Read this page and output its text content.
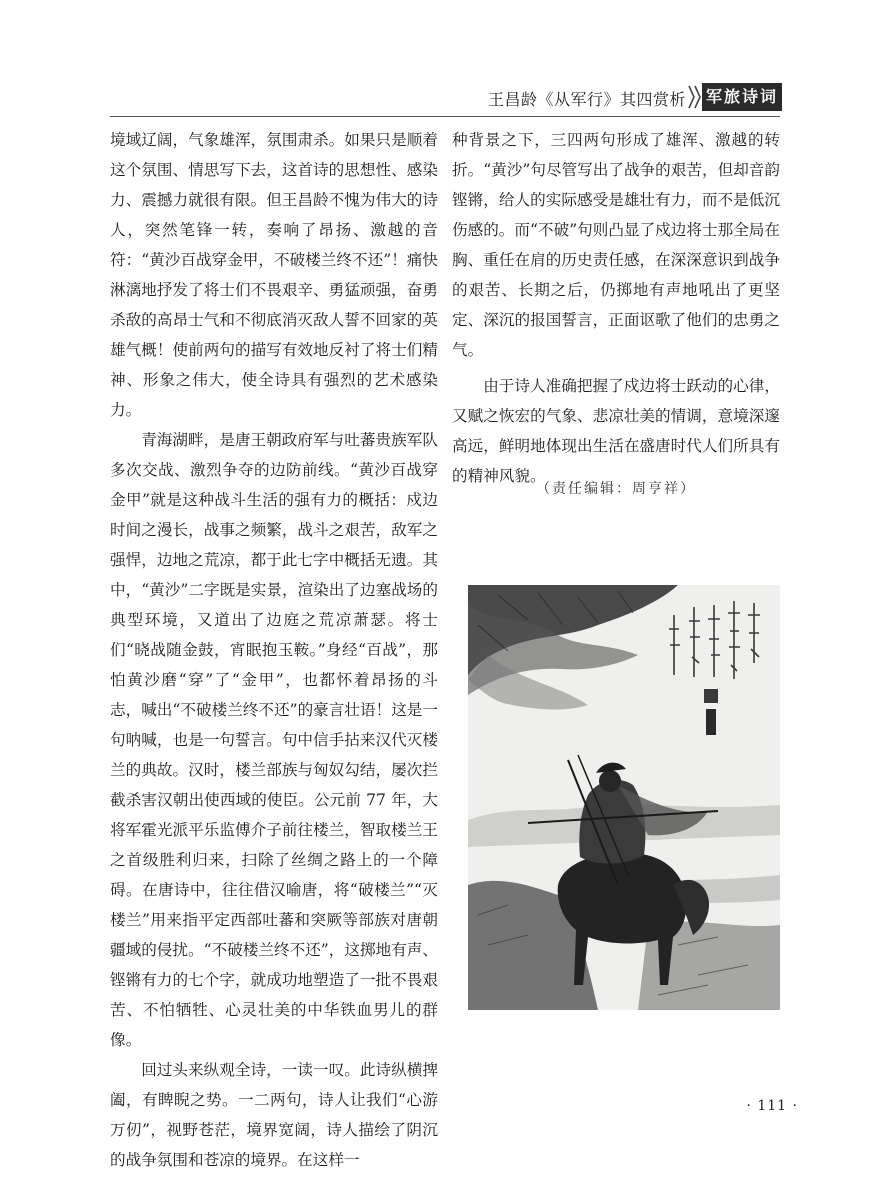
王昌龄《从军行》其四赏析 军旅诗词

境域辽阔，气象雄浑，氛围肃杀。如果只是顺着这个氛围、情思写下去，这首诗的思想性、感染力、震撼力就很有限。但王昌龄不愧为伟大的诗人，突然笔锋一转，奏响了昂扬、激越的音符：“黄沙百战穿金甲，不破楼兰终不还”！痛快淋漓地抒发了将士们不畏艰辛、勇猛顽强，奋勇杀敌的高昂士气和不彻底消灭敌人誓不回家的英雄气概！使前两句的描写有效地反衬了将士们精神、形象之伟大，使全诗具有强烈的艺术感染力。

青海湖畔，是唐王朝政府军与吐蕃贵族军队多次交战、激烈争夺的边防前线。“黄沙百战穿金甲”就是这种战斗生活的强有力的概括：戍边时间之漫长，战事之频繁，战斗之艰苦，敌军之强悍，边地之荒凉，都于此七字中概括无遗。其中，“黄沙”二字既是实景，渲染出了边塞战场的典型环境，又道出了边庭之荒凉萧瑟。将士们“晓战随金鼓，宵眠抱玉鞍。”身经“百战”，那怕黄沙磨“穿”了“金甲”，也都怀着昂扬的斗志，喊出“不破楼兰终不还”的豪言壮语！这是一句呐喊，也是一句誓言。句中信手拈来汉代灭楼兰的典故。汉时，楼兰部族与匈奴勾结，屡次拦截杀害汉朝出使西域的使臣。公元前 77 年，大将军霍光派平乐监傅介子前往楼兰，智取楼兰王之首级胜利归来，扫除了丝绸之路上的一个障碍。在唐诗中，往往借汉喻唐，将“破楼兰”“灭楼兰”用来指平定西部吐蕃和突厥等部族对唐朝疆域的侵扰。“不破楼兰终不还”，这掷地有声、铿锵有力的七个字，就成功地塑造了一批不畏艰苦、不怕牺牲、心灵壮美的中华铁血男儿的群像。

回过头来纵观全诗，一读一叹。此诗纵横捭阖，有睥睨之势。一二两句，诗人让我们“心游万仞”，视野苍茫，境界宽阔，诗人描绘了阴沉的战争氛围和苍凉的境界。在这样一

种背景之下，三四两句形成了雄浑、激越的转折。“黄沙”句尽管写出了战争的艰苦，但却音韵铿锵，给人的实际感受是雄壮有力，而不是低沉伤感的。而“不破”句则凸显了戍边将士那全局在胸、重任在肩的历史责任感，在深深意识到战争的艰苦、长期之后，仍掷地有声地吼出了更坚定、深沉的报国誓言，正面讴歌了他们的忠勇之气。

由于诗人准确把握了戍边将士跃动的心律，又赋之恢宏的气象、悲凉壮美的情调，意境深邃高远，鲜明地体现出生活在盛唐时代人们所具有的精神风貌。

（责任编辑：周亨祥）
· 111 ·
